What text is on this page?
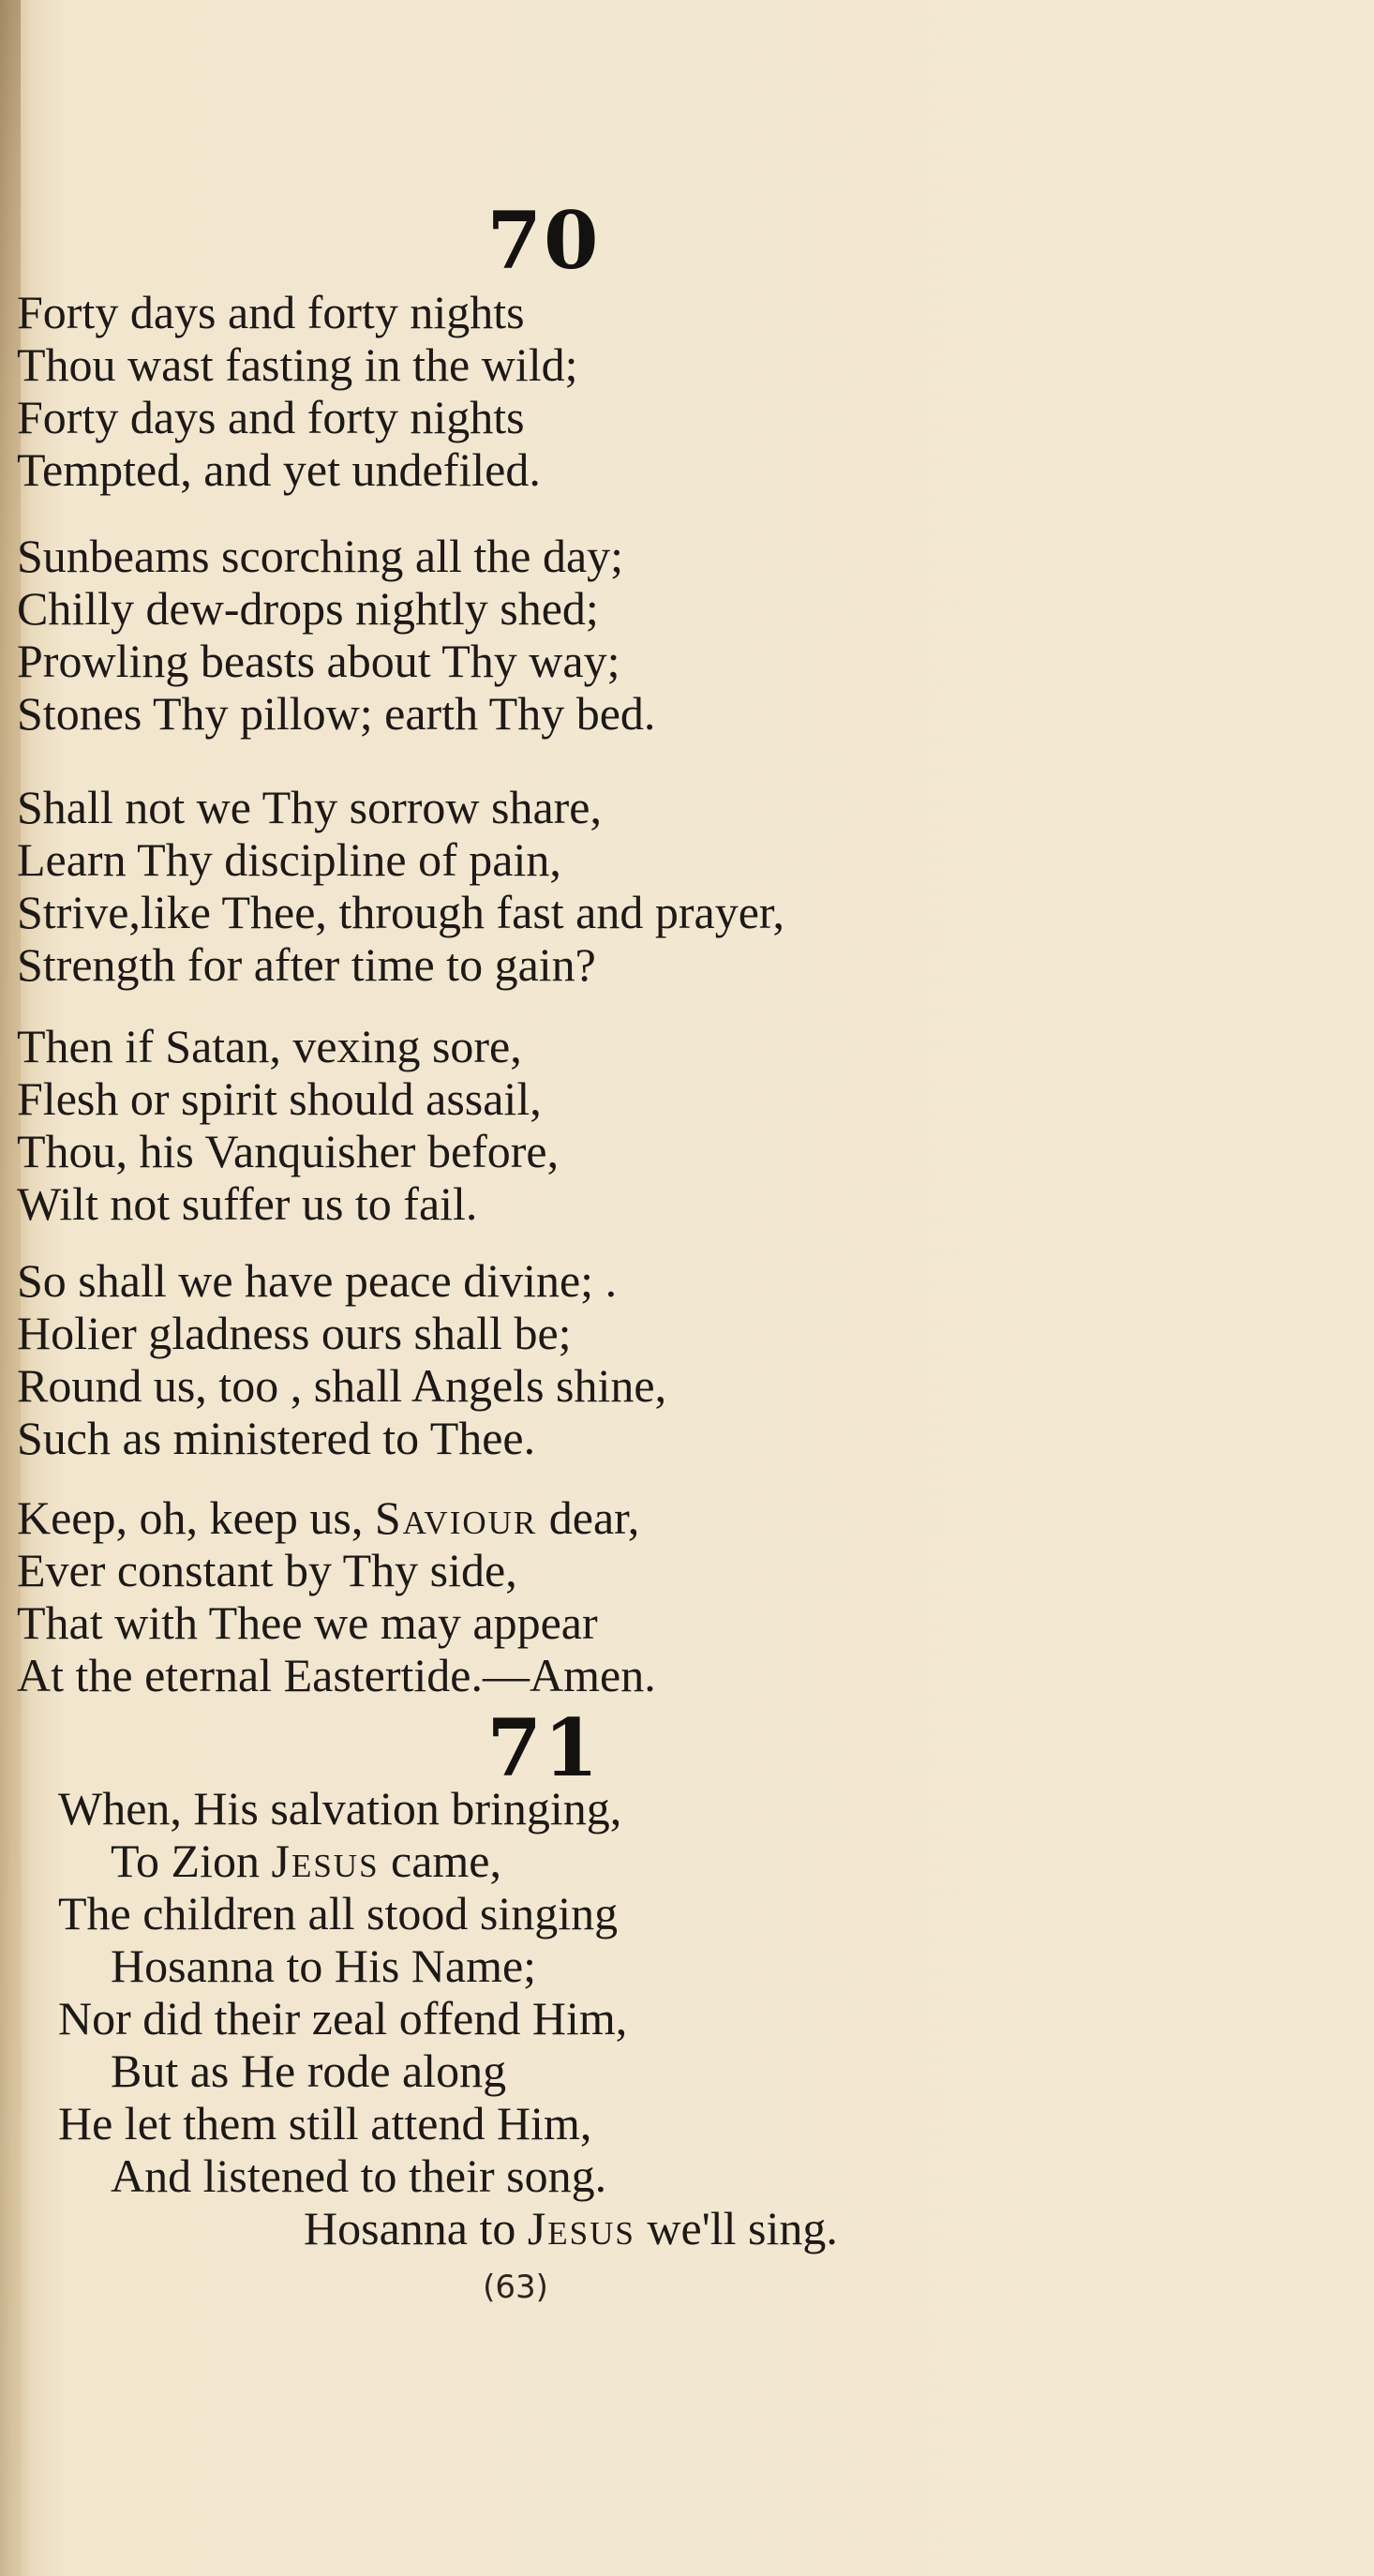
70
Forty days and forty nights
Thou wast fasting in the wild;
Forty days and forty nights
Tempted, and yet undefiled.
Sunbeams scorching all the day;
Chilly dew-drops nightly shed;
Prowling beasts about Thy way;
Stones Thy pillow; earth Thy bed.
Shall not we Thy sorrow share,
Learn Thy discipline of pain,
Strive,like Thee, through fast and prayer,
Strength for after time to gain?
Then if Satan, vexing sore,
Flesh or spirit should assail,
Thou, his Vanquisher before,
Wilt not suffer us to fail.
So shall we have peace divine; .
Holier gladness ours shall be;
Round us, too , shall Angels shine,
Such as ministered to Thee.
Keep, oh, keep us, Saviour dear,
Ever constant by Thy side,
That with Thee we may appear
At the eternal Eastertide.—Amen.
71
When, His salvation bringing,
To Zion Jesus came,
The children all stood singing
Hosanna to His Name;
Nor did their zeal offend Him,
But as He rode along
He let them still attend Him,
And listened to their song.
Hosanna to Jesus we'll sing.
(63)
